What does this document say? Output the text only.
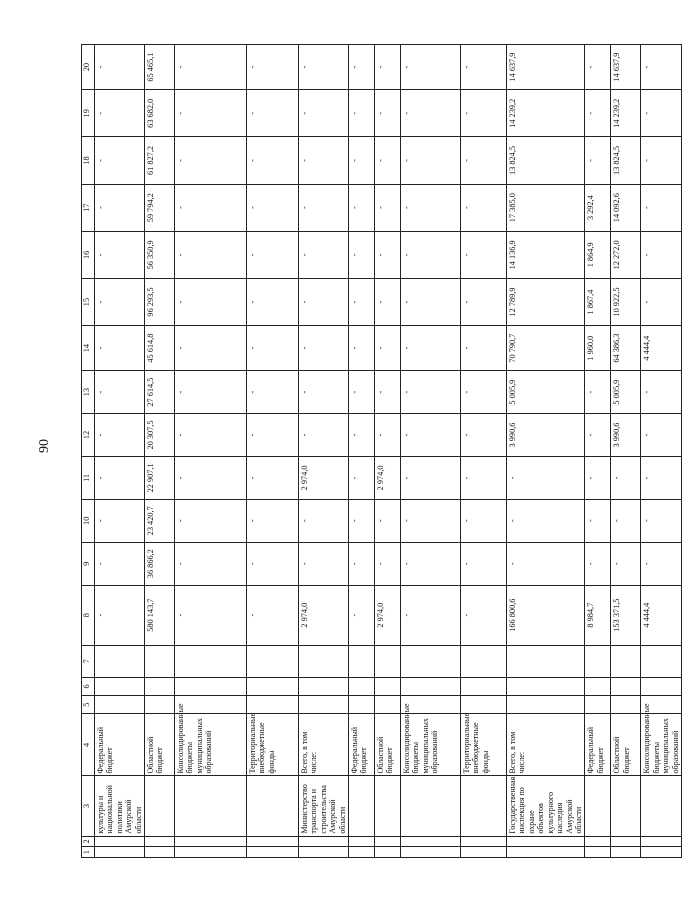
90
1	2	3	4	5	6	7	8	9	10	11	12	13	14	15	16	17	18	19	20
		культуры и национальной политики Амурской области	Федеральный бюджет				-	-	-	-	-	-	-	-	-	-	-	-	-
			Областной бюджет				580 143,7	36 866,2	23 420,7	22 907,1	20 307,5	27 614,5	45 614,8	96 293,5	56 350,9	59 794,2	61 827,2	63 682,0	65 465,1
			Консолидированные бюджеты муниципальных образований				-	-	-	-	-	-	-	-	-	-	-	-	-
			Территориальные внебюджетные фонды				-	-	-	-	-	-	-	-	-	-	-	-	-
		Министерство транспорта и строительства Амурской области	Всего, в том числе:				2 974,0	-	-	2 974,0	-	-	-	-	-	-	-	-	-
			Федеральный бюджет				-	-	-	-	-	-	-	-	-	-	-	-	-
			Областной бюджет				2 974,0	-	-	2 974,0	-	-	-	-	-	-	-	-	-
			Консолидированные бюджеты муниципальных образований				-	-	-	-	-	-	-	-	-	-	-	-	-
			Территориальные внебюджетные фонды				-	-	-	-	-	-	-	-	-	-	-	-	-
		Государственная инспекция по охране объектов культурного наследия Амурской области	Всего, в том числе:				166 800,6	-	-	-	3 990,6	5 005,9	70 790,7	12 789,9	14 136,9	17 385,0	13 824,5	14 239,2	14 637,9
			Федеральный бюджет				8 984,7	-	-	-	-	-	1 960,0	1 867,4	1 864,9	3 292,4	-	-	-
			Областной бюджет				153 371,5	-	-	-	3 990,6	5 005,9	64 386,3	10 922,5	12 272,0	14 092,6	13 824,5	14 239,2	14 637,9
			Консолидированные бюджеты муниципальных образований				4 444,4	-	-	-	-	-	4 444,4	-	-	-	-	-	-
